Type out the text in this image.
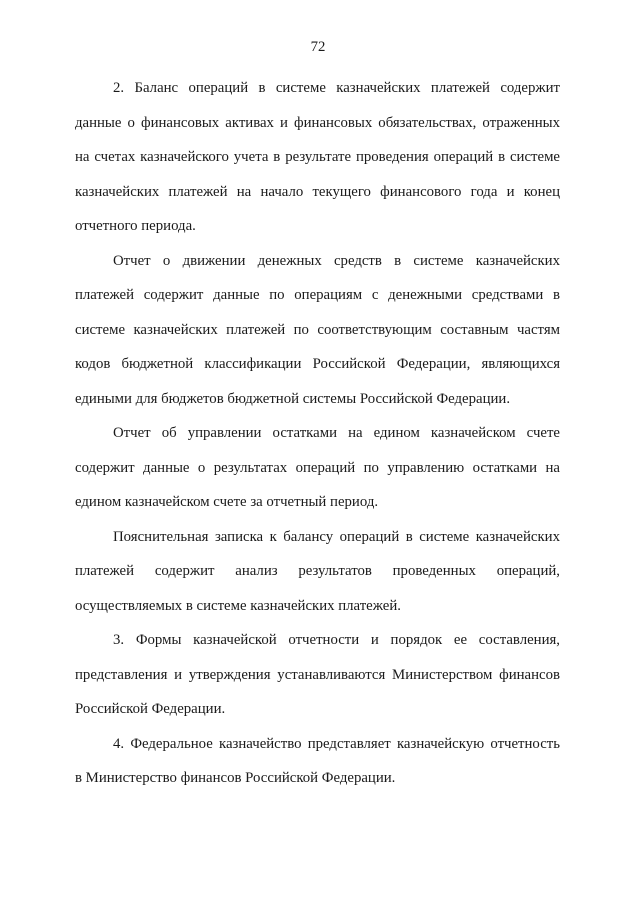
72
2. Баланс операций в системе казначейских платежей содержит
данные о финансовых активах и финансовых обязательствах, отраженных
на счетах казначейского учета в результате проведения операций в системе
казначейских платежей на начало текущего финансового года и конец
отчетного периода.
Отчет о движении денежных средств в системе казначейских
платежей содержит данные по операциям с денежными средствами в
системе казначейских платежей по соответствующим составным частям
кодов бюджетной классификации Российской Федерации, являющихся
едиными для бюджетов бюджетной системы Российской Федерации.
Отчет об управлении остатками на едином казначейском счете
содержит данные о результатах операций по управлению остатками на
едином казначейском счете за отчетный период.
Пояснительная записка к балансу операций в системе казначейских
платежей содержит анализ результатов проведенных операций,
осуществляемых в системе казначейских платежей.
3. Формы казначейской отчетности и порядок ее составления,
представления и утверждения устанавливаются Министерством финансов
Российской Федерации.
4. Федеральное казначейство представляет казначейскую отчетность
в Министерство финансов Российской Федерации.
